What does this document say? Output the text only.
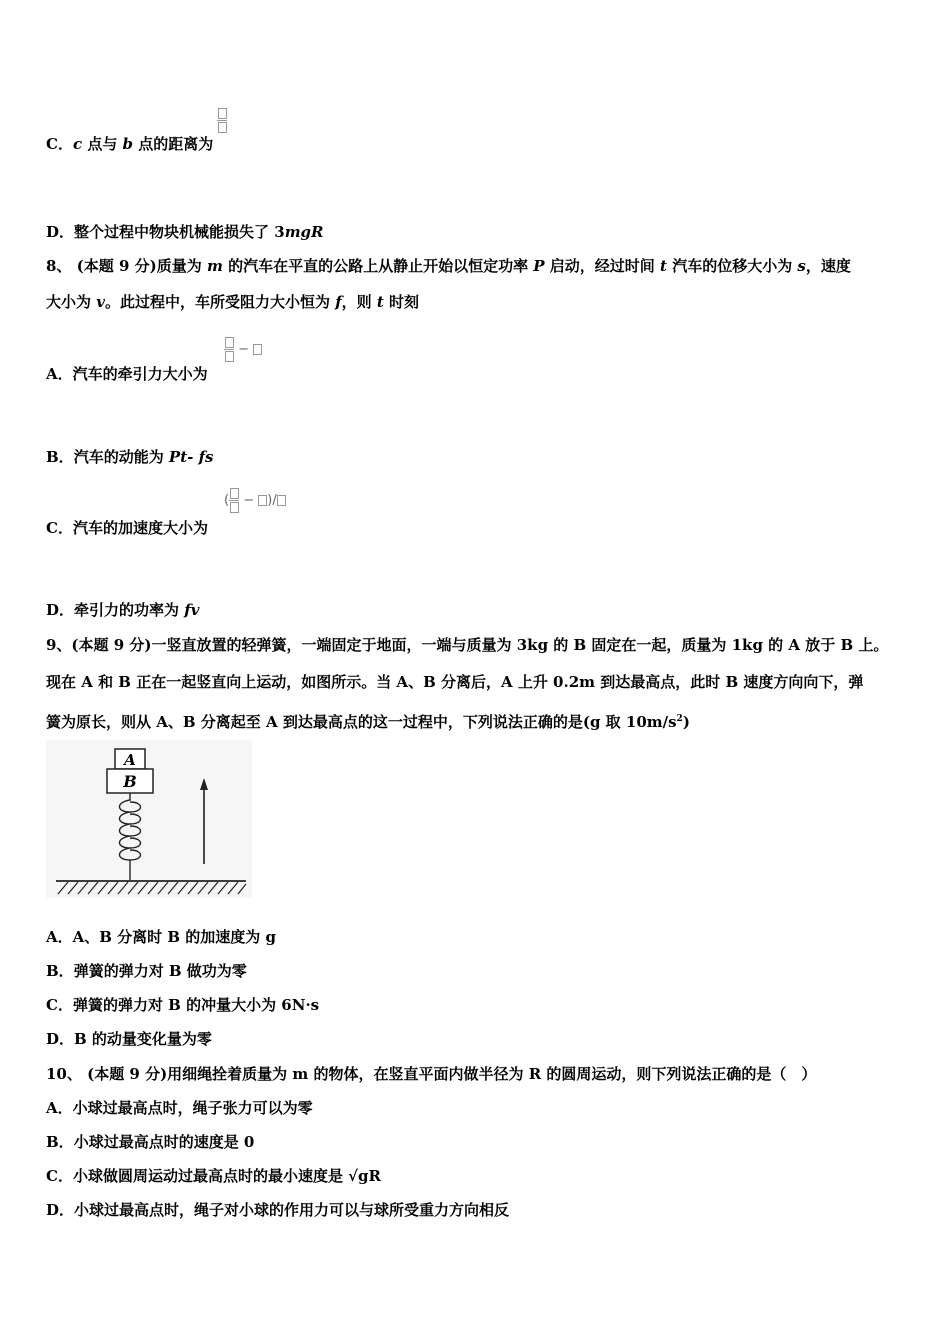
C．c 点与 b 点的距离为
D．整个过程中物块机械能损失了 3mgR
8、 (本题 9 分)质量为 m 的汽车在平直的公路上从静止开始以恒定功率 P 启动，经过时间 t 汽车的位移大小为 s，速度
大小为 v。此过程中，车所受阻力大小恒为 f，则 t 时刻
−
A．汽车的牵引力大小为
B．汽车的动能为 Pt- fs
( − )/
C．汽车的加速度大小为
D．牵引力的功率为 fv
9、(本题 9 分)一竖直放置的轻弹簧，一端固定于地面，一端与质量为 3kg 的 B 固定在一起，质量为 1kg 的 A 放于 B 上。
现在 A 和 B 正在一起竖直向上运动，如图所示。当 A、B 分离后，A 上升 0.2m 到达最高点，此时 B 速度方向向下，弹
簧为原长，则从 A、B 分离起至 A 到达最高点的这一过程中，下列说法正确的是(g 取 $10m/s^2$)
A
B
A．A、B 分离时 B 的加速度为 g
B．弹簧的弹力对 B 做功为零
C．弹簧的弹力对 B 的冲量大小为 6N·s
D．B 的动量变化量为零
10、 (本题 9 分)用细绳拴着质量为 m 的物体，在竖直平面内做半径为 R 的圆周运动，则下列说法正确的是（　）
A．小球过最高点时，绳子张力可以为零
B．小球过最高点时的速度是 0
C．小球做圆周运动过最高点时的最小速度是 √gR
D．小球过最高点时，绳子对小球的作用力可以与球所受重力方向相反
